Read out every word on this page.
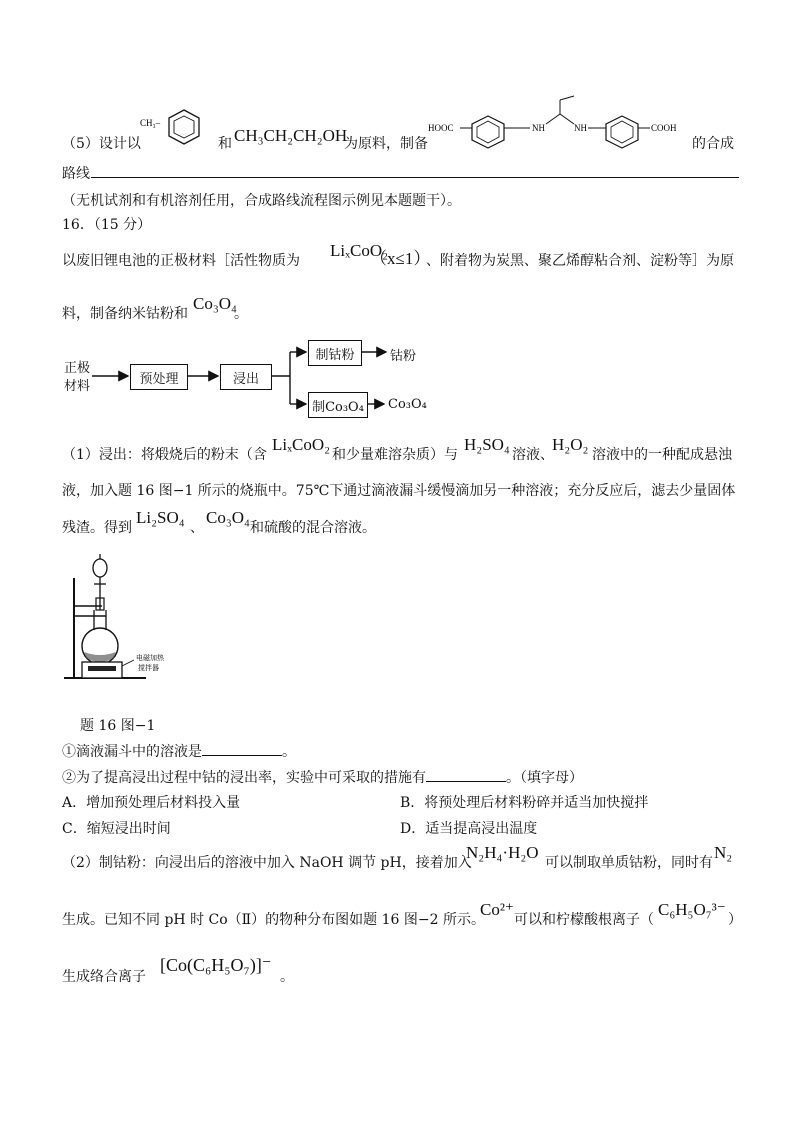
（5）设计以
CH₃–
和 CH₃CH₂CH₂OH
为原料，制备
HOOC	NH	NH	COOH
的合成
路线
（无机试剂和有机溶剂任用，合成路线流程图示例见本题题干）。
16．（15 分）
以废旧锂电池的正极材料［活性物质为
LiₓCoO₂
（x≤1）
、附着物为炭黑、聚乙烯醇粘合剂、淀粉等］为原
料，制备纳米钴粉和
Co₃O₄
。
正极
材料	预处理	浸出
制钴粉
制Co₃O₄
钴粉
Co₃O₄
（1）浸出：将煅烧后的粉末（含
LiₓCoO₂
和少量难溶杂质）与
H₂SO₄
溶液、
H₂O₂
溶液中的一种配成悬浊
液，加入题 16 图−1 所示的烧瓶中。75℃下通过滴液漏斗缓慢滴加另一种溶液；充分反应后，滤去少量固体
残渣。得到
Li₂SO₄
、
Co₃O₄
和硫酸的混合溶液。
电磁加热
搅拌器
题 16 图−1
①滴液漏斗中的溶液是	。
②为了提高浸出过程中钴的浸出率，实验中可采取的措施有	。（填字母）
A．增加预处理后材料投入量	B．将预处理后材料粉碎并适当加快搅拌
C．缩短浸出时间	D．适当提高浸出温度
（2）制钴粉：向浸出后的溶液中加入 NaOH 调节 pH，接着加入
N₂H₄·H₂O
可以制取单质钴粉，同时有
N₂
生成。已知不同 pH 时 Co（Ⅱ）的物种分布图如题 16 图−2 所示。
Co²⁺
可以和柠檬酸根离子（
C₆H₅O₇³⁻
）
生成络合离子
[Co(C₆H₅O₇)]⁻
。
